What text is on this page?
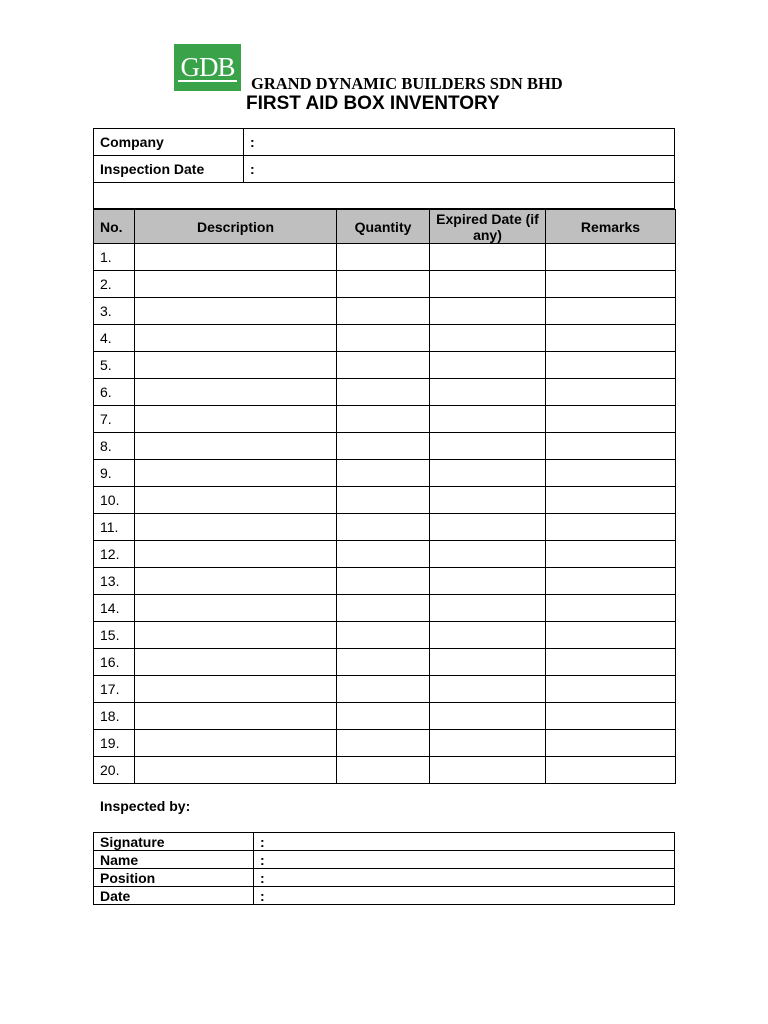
GDB
GRAND DYNAMIC BUILDERS SDN BHD
FIRST AID BOX INVENTORY
Company	:
Inspection Date	:

No.	Description	Quantity	Expired Date (if any)	Remarks
1.				
2.				
3.				
4.				
5.				
6.				
7.				
8.				
9.				
10.				
11.				
12.				
13.				
14.				
15.				
16.				
17.				
18.				
19.				
20.				
Inspected by:
Signature	:
Name	:
Position	:
Date	:
